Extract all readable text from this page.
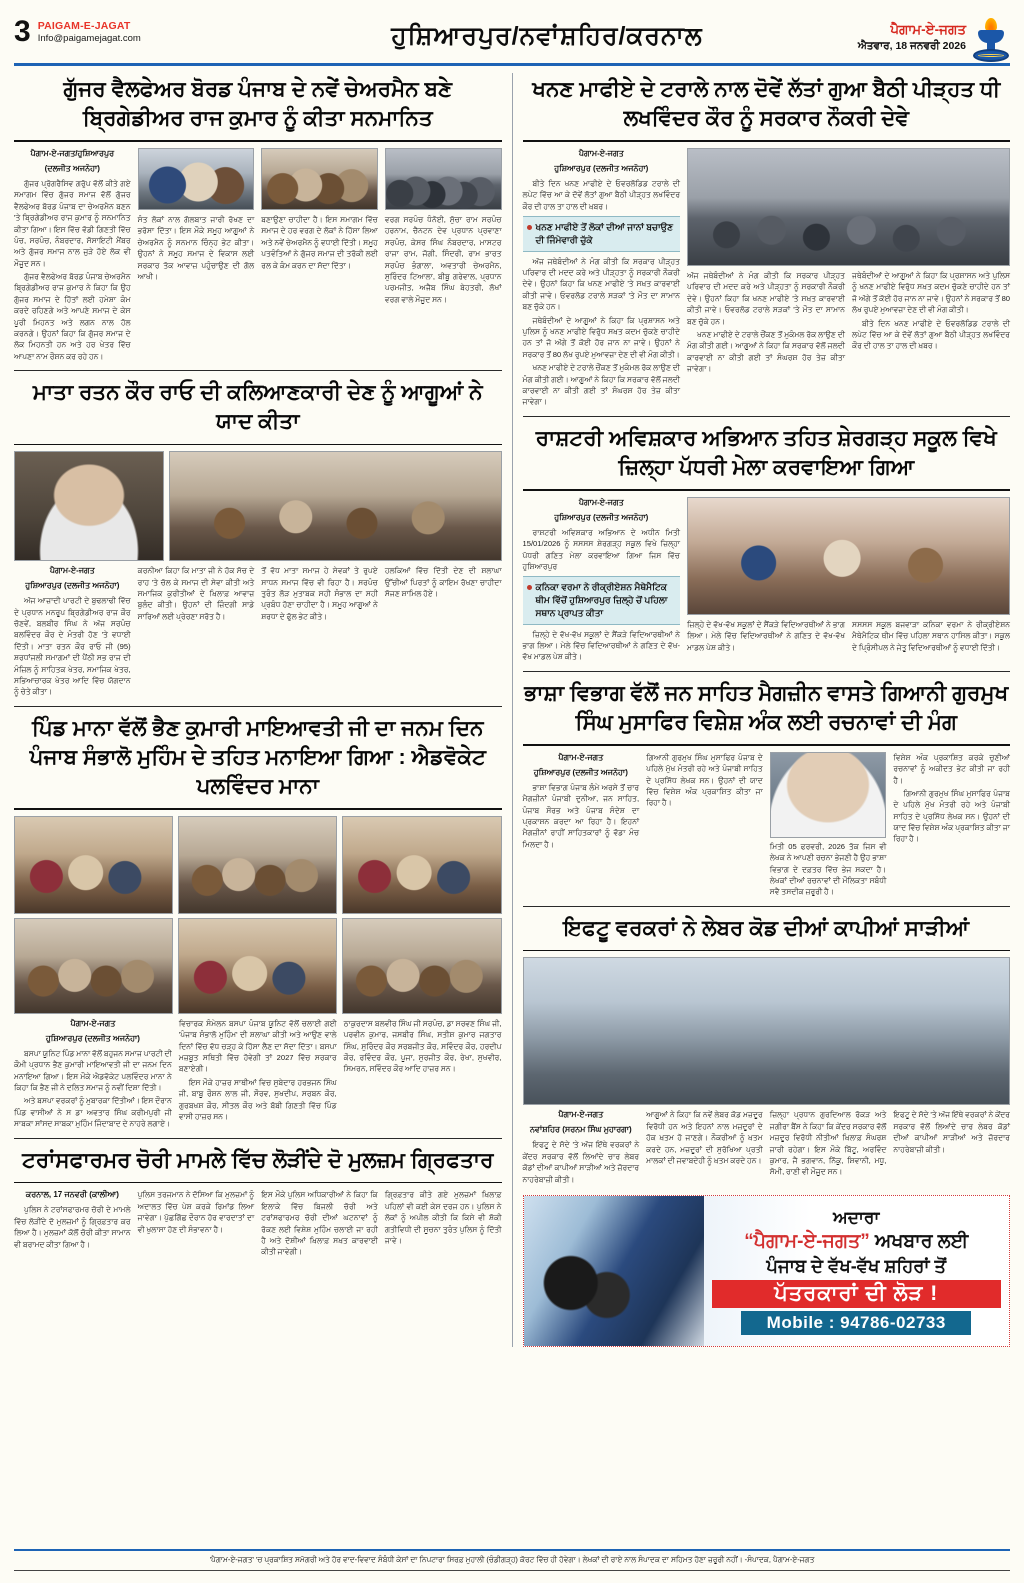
3 PAIGAM-E-JAGAT
Info@paigamejagat.com	ਹੁਸ਼ਿਆਰਪੁਰ/ਨਵਾਂਸ਼ਹਿਰ/ਕਰਨਾਲ	ਪੈਗਾਮ-ਏ-ਜਗਤ
ਐਤਵਾਰ, 18 ਜਨਵਰੀ 2026
ਗੁੱਜਰ ਵੈਲਫੇਅਰ ਬੋਰਡ ਪੰਜਾਬ ਦੇ ਨਵੇਂ ਚੇਅਰਮੈਨ ਬਣੇ ਬ੍ਰਿਗੇਡੀਅਰ ਰਾਜ ਕੁਮਾਰ ਨੂੰ ਕੀਤਾ ਸਨਮਾਨਿਤ
ਪੈਗਾਮ-ਏ-ਜਗਤ/ਹੁਸ਼ਿਆਰਪੁਰ
(ਦਲਜੀਤ ਅਜਨੋਹਾ)

ਗੁੱਜਰ ਪ੍ਰੋਗਰੈਸਿਵ ਗਰੁੱਪ ਵੱਲੋਂ ਕੀਤੇ ਗਏ ਸਮਾਗਮ ਵਿੱਚ ਗੁੱਜਰ ਸਮਾਜ ਵੱਲੋਂ ਗੁੱਜਰ ਵੈਲਫੇਅਰ ਬੋਰਡ ਪੰਜਾਬ ਦਾ ਚੇਅਰਮੈਨ ਬਣਨ 'ਤੇ ਬ੍ਰਿਗੇਡੀਅਰ ਰਾਜ ਕੁਮਾਰ ਨੂੰ ਸਨਮਾਨਿਤ ਕੀਤਾ ਗਿਆ। ਇਸ ਵਿੱਚ ਵੱਡੀ ਗਿਣਤੀ ਵਿੱਚ ਪੰਚ, ਸਰਪੰਚ, ਨੰਬਰਦਾਰ, ਸੋਸਾਇਟੀ ਮੈਂਬਰ ਅਤੇ ਗੁੱਜਰ ਸਮਾਜ ਨਾਲ ਜੁੜੇ ਹੋਏ ਲੋਕ ਵੀ ਮੌਜੂਦ ਸਨ।

ਗੁੱਜਰ ਵੈਲਫੇਅਰ ਬੋਰਡ ਪੰਜਾਬ ਚੇਅਰਮੈਨ ਬ੍ਰਿਗੇਡੀਅਰ ਰਾਜ ਕੁਮਾਰ ਨੇ ਕਿਹਾ ਕਿ ਉਹ ਗੁੱਜਰ ਸਮਾਜ ਦੇ ਹਿੱਤਾਂ ਲਈ ਹਮੇਸ਼ਾ ਕੰਮ ਕਰਦੇ ਰਹਿਣਗੇ ਅਤੇ ਆਪਣੇ ਸਮਾਜ ਦੇ ਕੇਸ ਪੂਰੀ ਮਿਹਨਤ ਅਤੇ ਲਗਨ ਨਾਲ ਹੱਲ ਕਰਨਗੇ। ਉਹਨਾਂ ਕਿਹਾ ਕਿ ਗੁੱਜਰ ਸਮਾਜ ਦੇ ਲੋਕ ਮਿਹਨਤੀ ਹਨ ਅਤੇ ਹਰ ਖੇਤਰ ਵਿੱਚ ਆਪਣਾ ਨਾਮ ਰੌਸ਼ਨ ਕਰ ਰਹੇ ਹਨ।

ਸੰਤ ਲੋਕਾਂ ਨਾਲ ਗੱਲਬਾਤ ਜਾਰੀ ਰੱਖਣ ਦਾ ਭਰੋਸਾ ਦਿੱਤਾ। ਇਸ ਮੌਕੇ ਸਮੂਹ ਆਗੂਆਂ ਨੇ ਚੇਅਰਮੈਨ ਨੂੰ ਸਨਮਾਨ ਚਿੰਨ੍ਹ ਭੇਟ ਕੀਤਾ। ਉਹਨਾਂ ਨੇ ਸਮੂਹ ਸਮਾਜ ਦੇ ਵਿਕਾਸ ਲਈ ਸਰਕਾਰ ਤੱਕ ਆਵਾਜ਼ ਪਹੁੰਚਾਉਣ ਦੀ ਗੱਲ ਆਖੀ।

ਬਣਾਉਣਾ ਚਾਹੀਦਾ ਹੈ। ਇਸ ਸਮਾਗਮ ਵਿੱਚ ਸਮਾਜ ਦੇ ਹਰ ਵਰਗ ਦੇ ਲੋਕਾਂ ਨੇ ਹਿੱਸਾ ਲਿਆ ਅਤੇ ਨਵੇਂ ਚੇਅਰਮੈਨ ਨੂੰ ਵਧਾਈ ਦਿੱਤੀ। ਸਮੂਹ ਪਤਵੰਤਿਆਂ ਨੇ ਗੁੱਜਰ ਸਮਾਜ ਦੀ ਤਰੱਕੀ ਲਈ ਰਲ ਕੇ ਕੰਮ ਕਰਨ ਦਾ ਸੱਦਾ ਦਿੱਤਾ।

ਵਰਗ ਸਰਪੰਚ ਧੰਨੋਈ, ਸੁੱਚਾ ਰਾਮ ਸਰਪੰਚ ਹਰਨਾਮ, ਚੈਨਟਨ ਦੇਵ ਪ੍ਰਧਾਨ ਪ੍ਰਵਾਣਾ ਸਰਪੰਚ, ਕੇਸਰ ਸਿੰਘ ਨੰਬਰਦਾਰ, ਮਾਸਟਰ ਰਾਜਾ ਰਾਮ, ਜੋਗੀ, ਸਿੰਦਰੀ, ਰਾਮ ਭਾਰਤ ਸਰਪੰਚ ਭੰਗਾਲਾ, ਅਵਤਾਰੀ ਚੇਅਰਮੈਨ, ਸੁਰਿੰਦਰ ਟਿਆਲਾ, ਬੀਬੂ ਗਰੇਵਾਲ, ਪ੍ਰਧਾਨ ਪਰਮਜੀਤ, ਅਜੈਬ ਸਿੰਘ ਬੇਹਤਰੀ, ਲੱਖਾਂ ਵਰਗ ਵਾਲੇ ਮੌਜੂਦ ਸਨ।

ਮਾਤਾ ਰਤਨ ਕੌਰ ਰਾਓ ਦੀ ਕਲਿਆਣਕਾਰੀ ਦੇਣ ਨੂੰ ਆਗੂਆਂ ਨੇ ਯਾਦ ਕੀਤਾ
ਪੈਗਾਮ-ਏ-ਜਗਤ
ਹੁਸ਼ਿਆਰਪੁਰ (ਦਲਜੀਤ ਅਜਨੋਹਾ)

ਅੱਜ ਆਜ਼ਾਦੀ ਪਾਰਟੀ ਦੇ ਬੁਢਲਾਢੀ ਵਿੱਚ ਦੇ ਪ੍ਰਧਾਨ ਮਨਰੂਪ ਬ੍ਰਿਗੇਡੀਅਰ ਰਾਜ ਕੌਰ ਚੋਣਵੇਂ, ਬਲਬੀਰ ਸਿੰਘ ਨੇ ਅੱਜ ਸਰਪੰਚ ਬਲਵਿੰਦਰ ਕੌਰ ਦੇ ਮੰਤਰੀ ਹੋਣ 'ਤੇ ਵਧਾਈ ਦਿੱਤੀ। ਮਾਤਾ ਰਤਨ ਕੌਰ ਰਾਓ ਜੀ (95) ਸ਼ਰਧਾਂਜਲੀ ਸਮਾਗਮਾਂ ਦੀ ਪੈਂਠੀ ਸਭ ਰਾਜ ਦੀ ਮੰਜ਼ਿਲ ਨੂੰ ਸਾਹਿਤਕ ਖੇਤਰ, ਸਮਾਜਿਕ ਖੇਤਰ, ਸਭਿਆਚਾਰਕ ਖੇਤਰ ਆਦਿ ਵਿੱਚ ਯੋਗਦਾਨ ਨੂੰ ਚੇਤੇ ਕੀਤਾ।

ਕਰਨੀਆ ਕਿਹਾ ਕਿ ਮਾਤਾ ਜੀ ਨੇ ਹੱਕ ਸੱਚ ਦੇ ਰਾਹ 'ਤੇ ਚੱਲ ਕੇ ਸਮਾਜ ਦੀ ਸੇਵਾ ਕੀਤੀ ਅਤੇ ਸਮਾਜਿਕ ਕੁਰੀਤੀਆਂ ਦੇ ਖ਼ਿਲਾਫ਼ ਆਵਾਜ਼ ਬੁਲੰਦ ਕੀਤੀ। ਉਹਨਾਂ ਦੀ ਜ਼ਿੰਦਗੀ ਸਾਡੇ ਸਾਰਿਆਂ ਲਈ ਪ੍ਰੇਰਣਾ ਸਰੋਤ ਹੈ।

ਤੋਂ ਵੱਧ ਮਾਤਾ ਸਮਾਜ ਹੇ ਸੇਵਕਾਂ ਤੇ ਰੁਪਏ ਸਾਧਨ ਸਮਾਜ ਵਿੱਚ ਵੀ ਰਿਹਾ ਹੈ। ਸਰਪੰਚ ਤੁਰੰਤ ਲੋੜ ਮੁਤਾਬਕ ਸਹੀ ਸੰਭਾਲ ਦਾ ਸਹੀ ਪ੍ਰਬੰਧ ਹੋਣਾ ਚਾਹੀਦਾ ਹੈ। ਸਮੂਹ ਆਗੂਆਂ ਨੇ ਸ਼ਰਧਾ ਦੇ ਫੁੱਲ ਭੇਟ ਕੀਤੇ।

ਹਲਕਿਆਂ ਵਿੱਚ ਦਿੱਤੀ ਦੇਣ ਦੀ ਸ਼ਲਾਘਾ ਉੱਚੀਆਂ ਪਿਰਤਾਂ ਨੂੰ ਕਾਇਮ ਰੱਖਣਾ ਚਾਹੀਦਾ ਸੱਜਣ ਸ਼ਾਮਿਲ ਹੋਏ।

ਪਿੰਡ ਮਾਨਾ ਵੱਲੋਂ ਭੈਣ ਕੁਮਾਰੀ ਮਾਇਆਵਤੀ ਜੀ ਦਾ ਜਨਮ ਦਿਨ ਪੰਜਾਬ ਸੰਭਾਲੋ ਮੁਹਿੰਮ ਦੇ ਤਹਿਤ ਮਨਾਇਆ ਗਿਆ : ਐਡਵੋਕੇਟ ਪਲਵਿੰਦਰ ਮਾਨਾ
ਪੈਗਾਮ-ਏ-ਜਗਤ
ਹੁਸ਼ਿਆਰਪੁਰ (ਦਲਜੀਤ ਅਜਨੋਹਾ)

ਬਸਪਾ ਯੂਨਿਟ ਪਿੰਡ ਮਾਨਾ ਵੱਲੋਂ ਬਹੁਜਨ ਸਮਾਜ ਪਾਰਟੀ ਦੀ ਕੌਮੀ ਪ੍ਰਧਾਨ ਭੈਣ ਕੁਮਾਰੀ ਮਾਇਆਵਤੀ ਜੀ ਦਾ ਜਨਮ ਦਿਨ ਮਨਾਇਆ ਗਿਆ। ਇਸ ਮੌਕੇ ਐਡਵੋਕੇਟ ਪਲਵਿੰਦਰ ਮਾਨਾ ਨੇ ਕਿਹਾ ਕਿ ਭੈਣ ਜੀ ਨੇ ਦਲਿਤ ਸਮਾਜ ਨੂੰ ਨਵੀਂ ਦਿਸ਼ਾ ਦਿੱਤੀ।

ਅਤੇ ਬਸਪਾ ਵਰਕਰਾਂ ਨੂੰ ਮੁਬਾਰਕਾ ਦਿੱਤੀਆਂ। ਇਸ ਦੌਰਾਨ ਪਿੰਡ ਵਾਸੀਆਂ ਨੇ ਸ ਡਾ ਅਵਤਾਰ ਸਿੰਘ ਕਰੀਮਪੁਰੀ ਜੀ ਸਾਬਕਾ ਸਾਂਸਦ ਸਾਬਕਾ ਮੁਹਿੰਮ ਜਿੰਦਾਬਾਦ ਦੇ ਨਾਹਰੇ ਲਗਾਏ।

ਵਿਚਾਰਕ ਸੰਮੇਲਨ ਬਸਪਾ ਪੰਜਾਬ ਯੂਨਿਟ ਵੱਲੋਂ ਚਲਾਈ ਗਈ 'ਪੰਜਾਬ ਸੰਭਾਲੋ ਮੁਹਿੰਮ' ਦੀ ਸ਼ਲਾਘਾ ਕੀਤੀ ਅਤੇ ਆਉਣ ਵਾਲੇ ਦਿਨਾਂ ਵਿੱਚ ਵੱਧ ਚੜ੍ਹ ਕੇ ਹਿੱਸਾ ਲੈਣ ਦਾ ਸੱਦਾ ਦਿੱਤਾ। ਬਸਪਾ ਮਜ਼ਬੂਤ ਸਥਿਤੀ ਵਿੱਚ ਹੋਵੇਗੀ ਤਾਂ 2027 ਵਿੱਚ ਸਰਕਾਰ ਬਣਾਏਗੀ।

ਇਸ ਮੌਕੇ ਹਾਜ਼ਰ ਸਾਥੀਆਂ ਵਿਚ ਸੁਬੇਦਾਰ ਹਰਭਜਨ ਸਿੰਘ ਜੀ, ਬਾਬੂ ਰੌਸ਼ਨ ਲਾਲ ਜੀ, ਸੌਰਵ, ਸੁਖਦੀਪ, ਸਰਬਨ ਕੌਰ, ਗੁਰਬਖਸ਼ ਕੌਰ, ਸੀਤਲ ਕੌਰ ਅਤੇ ਬੱਬੀ ਗਿਣਤੀ ਵਿੱਚ ਪਿੰਡ ਵਾਸੀ ਹਾਜ਼ਰ ਸਨ।

ਠਾਕੁਰਦਾਸ ਬਲਵੀਰ ਸਿੰਘ ਜੀ ਸਰਪੰਚ, ਡਾ ਸਰਵਣ ਸਿੰਘ ਜੀ, ਪਰਵੀਨ ਕੁਮਾਰ, ਜਸਬੀਰ ਸਿੰਘ, ਸਤੀਸ਼ ਕੁਮਾਰ ਜਗਤਾਰ ਸਿੰਘ, ਸੁਰਿੰਦਰ ਕੌਰ ਸਰਬਜੀਤ ਕੌਰ, ਸਵਿੰਦਰ ਕੌਰ, ਹਰਦੀਪ ਕੌਰ, ਰਵਿੰਦਰ ਕੌਰ, ਪੂਜਾ, ਸੁਰਜੀਤ ਕੌਰ, ਰੇਖਾ, ਸੁਖਵੀਰ, ਸਿਮਰਨ, ਸਵਿੰਦਰ ਕੌਰ ਆਦਿ ਹਾਜ਼ਰ ਸਨ।

ਟਰਾਂਸਫਾਰਮਰ ਚੋਰੀ ਮਾਮਲੇ ਵਿੱਚ ਲੋੜੀਂਦੇ ਦੋ ਮੁਲਜ਼ਮ ਗ੍ਰਿਫਤਾਰ
ਕਰਨਾਲ, 17 ਜਨਵਰੀ (ਕਾਲੀਆ)

ਪੁਲਿਸ ਨੇ ਟਰਾਂਸਫਾਰਮਰ ਚੋਰੀ ਦੇ ਮਾਮਲੇ ਵਿੱਚ ਲੋੜੀਂਦੇ ਦੋ ਮੁਲਜ਼ਮਾਂ ਨੂੰ ਗ੍ਰਿਫ਼ਤਾਰ ਕਰ ਲਿਆ ਹੈ। ਮੁਲਜ਼ਮਾਂ ਕੋਲੋਂ ਚੋਰੀ ਕੀਤਾ ਸਾਮਾਨ ਵੀ ਬਰਾਮਦ ਕੀਤਾ ਗਿਆ ਹੈ।

ਪੁਲਿਸ ਤਰਜਮਾਨ ਨੇ ਦੱਸਿਆ ਕਿ ਮੁਲਜ਼ਮਾਂ ਨੂੰ ਅਦਾਲਤ ਵਿੱਚ ਪੇਸ਼ ਕਰਕੇ ਰਿਮਾਂਡ ਲਿਆ ਜਾਵੇਗਾ। ਪੁੱਛਗਿੱਛ ਦੌਰਾਨ ਹੋਰ ਵਾਰਦਾਤਾਂ ਦਾ ਵੀ ਖੁਲਾਸਾ ਹੋਣ ਦੀ ਸੰਭਾਵਨਾ ਹੈ।

ਇਸ ਮੌਕੇ ਪੁਲਿਸ ਅਧਿਕਾਰੀਆਂ ਨੇ ਕਿਹਾ ਕਿ ਇਲਾਕੇ ਵਿੱਚ ਬਿਜਲੀ ਚੋਰੀ ਅਤੇ ਟਰਾਂਸਫਾਰਮਰ ਚੋਰੀ ਦੀਆਂ ਘਟਨਾਵਾਂ ਨੂੰ ਰੋਕਣ ਲਈ ਵਿਸ਼ੇਸ਼ ਮੁਹਿੰਮ ਚਲਾਈ ਜਾ ਰਹੀ ਹੈ ਅਤੇ ਦੋਸ਼ੀਆਂ ਖ਼ਿਲਾਫ਼ ਸਖ਼ਤ ਕਾਰਵਾਈ ਕੀਤੀ ਜਾਵੇਗੀ।

ਗ੍ਰਿਫ਼ਤਾਰ ਕੀਤੇ ਗਏ ਮੁਲਜ਼ਮਾਂ ਖ਼ਿਲਾਫ਼ ਪਹਿਲਾਂ ਵੀ ਕਈ ਕੇਸ ਦਰਜ ਹਨ। ਪੁਲਿਸ ਨੇ ਲੋਕਾਂ ਨੂੰ ਅਪੀਲ ਕੀਤੀ ਕਿ ਕਿਸੇ ਵੀ ਸ਼ੱਕੀ ਗਤੀਵਿਧੀ ਦੀ ਸੂਚਨਾ ਤੁਰੰਤ ਪੁਲਿਸ ਨੂੰ ਦਿੱਤੀ ਜਾਵੇ।

ਖਨਣ ਮਾਫੀਏ ਦੇ ਟਰਾਲੇ ਨਾਲ ਦੋਵੇਂ ਲੱਤਾਂ ਗੁਆ ਬੈਠੀ ਪੀੜ੍ਹਤ ਧੀ ਲਖਵਿੰਦਰ ਕੌਰ ਨੂੰ ਸਰਕਾਰ ਨੌਕਰੀ ਦੇਵੇ
ਪੈਗਾਮ-ਏ-ਜਗਤ
ਹੁਸ਼ਿਆਰਪੁਰ (ਦਲਜੀਤ ਅਜਨੋਹਾ)

ਬੀਤੇ ਦਿਨ ਖਨਣ ਮਾਫੀਏ ਦੇ ਓਵਰਲੋਡਿਡ ਟਰਾਲੇ ਦੀ ਲਪੇਟ ਵਿੱਚ ਆ ਕੇ ਦੋਵੇਂ ਲੱਤਾਂ ਗੁਆ ਬੈਠੀ ਪੀੜ੍ਹਤ ਲਖਵਿੰਦਰ ਕੌਰ ਦੀ ਹਾਲ ਤਾ ਹਾਲ ਦੀ ਖ਼ਬਰ।

ਖਨਣ ਮਾਫੀਏ ਤੋਂ ਲੋਕਾਂ ਦੀਆਂ ਜਾਨਾਂ ਬਚਾਉਣ ਦੀ ਜਿੰਮੇਵਾਰੀ ਚੁੱਕੇ

ਅੱਜ ਜਥੇਬੰਦੀਆਂ ਨੇ ਮੰਗ ਕੀਤੀ ਕਿ ਸਰਕਾਰ ਪੀੜ੍ਹਤ ਪਰਿਵਾਰ ਦੀ ਮਦਦ ਕਰੇ ਅਤੇ ਪੀੜ੍ਹਤਾ ਨੂੰ ਸਰਕਾਰੀ ਨੌਕਰੀ ਦੇਵੇ। ਉਹਨਾਂ ਕਿਹਾ ਕਿ ਖਨਣ ਮਾਫੀਏ 'ਤੇ ਸਖ਼ਤ ਕਾਰਵਾਈ ਕੀਤੀ ਜਾਵੇ। ਓਵਰਲੋਡ ਟਰਾਲੇ ਸੜਕਾਂ 'ਤੇ ਮੌਤ ਦਾ ਸਾਮਾਨ ਬਣ ਚੁੱਕੇ ਹਨ।

ਜਥੇਬੰਦੀਆਂ ਦੇ ਆਗੂਆਂ ਨੇ ਕਿਹਾ ਕਿ ਪ੍ਰਸ਼ਾਸਨ ਅਤੇ ਪੁਲਿਸ ਨੂੰ ਖਨਣ ਮਾਫੀਏ ਵਿਰੁੱਧ ਸਖ਼ਤ ਕਦਮ ਚੁੱਕਣੇ ਚਾਹੀਦੇ ਹਨ ਤਾਂ ਜੋ ਅੱਗੇ ਤੋਂ ਕੋਈ ਹੋਰ ਜਾਨ ਨਾ ਜਾਵੇ। ਉਹਨਾਂ ਨੇ ਸਰਕਾਰ ਤੋਂ 80 ਲੱਖ ਰੁਪਏ ਮੁਆਵਜ਼ਾ ਦੇਣ ਦੀ ਵੀ ਮੰਗ ਕੀਤੀ।

ਖਨਣ ਮਾਫੀਏ ਦੇ ਟਰਾਲੇ ਚੌਂਕਣ ਤੋਂ ਮੁਕੰਮਲ ਰੋਕ ਲਾਉਣ ਦੀ ਮੰਗ ਕੀਤੀ ਗਈ। ਆਗੂਆਂ ਨੇ ਕਿਹਾ ਕਿ ਸਰਕਾਰ ਵੱਲੋਂ ਜਲਦੀ ਕਾਰਵਾਈ ਨਾ ਕੀਤੀ ਗਈ ਤਾਂ ਸੰਘਰਸ਼ ਹੋਰ ਤੇਜ਼ ਕੀਤਾ ਜਾਵੇਗਾ।

ਅੱਜ ਜਥੇਬੰਦੀਆਂ ਨੇ ਮੰਗ ਕੀਤੀ ਕਿ ਸਰਕਾਰ ਪੀੜ੍ਹਤ ਪਰਿਵਾਰ ਦੀ ਮਦਦ ਕਰੇ ਅਤੇ ਪੀੜ੍ਹਤਾ ਨੂੰ ਸਰਕਾਰੀ ਨੌਕਰੀ ਦੇਵੇ। ਉਹਨਾਂ ਕਿਹਾ ਕਿ ਖਨਣ ਮਾਫੀਏ 'ਤੇ ਸਖ਼ਤ ਕਾਰਵਾਈ ਕੀਤੀ ਜਾਵੇ। ਓਵਰਲੋਡ ਟਰਾਲੇ ਸੜਕਾਂ 'ਤੇ ਮੌਤ ਦਾ ਸਾਮਾਨ ਬਣ ਚੁੱਕੇ ਹਨ।

ਖਨਣ ਮਾਫੀਏ ਦੇ ਟਰਾਲੇ ਚੌਂਕਣ ਤੋਂ ਮੁਕੰਮਲ ਰੋਕ ਲਾਉਣ ਦੀ ਮੰਗ ਕੀਤੀ ਗਈ। ਆਗੂਆਂ ਨੇ ਕਿਹਾ ਕਿ ਸਰਕਾਰ ਵੱਲੋਂ ਜਲਦੀ ਕਾਰਵਾਈ ਨਾ ਕੀਤੀ ਗਈ ਤਾਂ ਸੰਘਰਸ਼ ਹੋਰ ਤੇਜ਼ ਕੀਤਾ ਜਾਵੇਗਾ।

ਜਥੇਬੰਦੀਆਂ ਦੇ ਆਗੂਆਂ ਨੇ ਕਿਹਾ ਕਿ ਪ੍ਰਸ਼ਾਸਨ ਅਤੇ ਪੁਲਿਸ ਨੂੰ ਖਨਣ ਮਾਫੀਏ ਵਿਰੁੱਧ ਸਖ਼ਤ ਕਦਮ ਚੁੱਕਣੇ ਚਾਹੀਦੇ ਹਨ ਤਾਂ ਜੋ ਅੱਗੇ ਤੋਂ ਕੋਈ ਹੋਰ ਜਾਨ ਨਾ ਜਾਵੇ। ਉਹਨਾਂ ਨੇ ਸਰਕਾਰ ਤੋਂ 80 ਲੱਖ ਰੁਪਏ ਮੁਆਵਜ਼ਾ ਦੇਣ ਦੀ ਵੀ ਮੰਗ ਕੀਤੀ।

ਬੀਤੇ ਦਿਨ ਖਨਣ ਮਾਫੀਏ ਦੇ ਓਵਰਲੋਡਿਡ ਟਰਾਲੇ ਦੀ ਲਪੇਟ ਵਿੱਚ ਆ ਕੇ ਦੋਵੇਂ ਲੱਤਾਂ ਗੁਆ ਬੈਠੀ ਪੀੜ੍ਹਤ ਲਖਵਿੰਦਰ ਕੌਰ ਦੀ ਹਾਲ ਤਾ ਹਾਲ ਦੀ ਖ਼ਬਰ।

ਰਾਸ਼ਟਰੀ ਅਵਿਸ਼ਕਾਰ ਅਭਿਆਨ ਤਹਿਤ ਸ਼ੇਰਗੜ੍ਹ ਸਕੂਲ ਵਿਖੇ ਜ਼ਿਲ੍ਹਾ ਪੱਧਰੀ ਮੇਲਾ ਕਰਵਾਇਆ ਗਿਆ
ਪੈਗਾਮ-ਏ-ਜਗਤ
ਹੁਸ਼ਿਆਰਪੁਰ (ਦਲਜੀਤ ਅਜਨੋਹਾ)

ਰਾਸ਼ਟਰੀ ਅਵਿਸ਼ਕਾਰ ਅਭਿਆਨ ਦੇ ਅਧੀਨ ਮਿਤੀ 15/01/2026 ਨੂੰ ਸਸਸਸ ਸ਼ੇਰਗੜ੍ਹ ਸਕੂਲ ਵਿਖੇ ਜ਼ਿਲ੍ਹਾ ਪੱਧਰੀ ਗਣਿਤ ਮੇਲਾ ਕਰਵਾਇਆ ਗਿਆ ਜਿਸ ਵਿੱਚ ਹੁਸ਼ਿਆਰਪੁਰ

ਕਨਿਕਾ ਵਰਮਾ ਨੇ ਰੀਕ੍ਰੀਏਸ਼ਨ ਮੈਥੇਮੈਟਿਕ ਥੀਮ ਵਿੱਚੋਂ ਹੁਸ਼ਿਆਰਪੁਰ ਜ਼ਿਲ੍ਹੇ ਚੋਂ ਪਹਿਲਾ ਸਥਾਨ ਪ੍ਰਾਪਤ ਕੀਤਾ

ਜ਼ਿਲ੍ਹੇ ਦੇ ਵੱਖ-ਵੱਖ ਸਕੂਲਾਂ ਦੇ ਸੈਂਕੜੇ ਵਿਦਿਆਰਥੀਆਂ ਨੇ ਭਾਗ ਲਿਆ। ਮੇਲੇ ਵਿੱਚ ਵਿਦਿਆਰਥੀਆਂ ਨੇ ਗਣਿਤ ਦੇ ਵੱਖ-ਵੱਖ ਮਾਡਲ ਪੇਸ਼ ਕੀਤੇ।

ਜ਼ਿਲ੍ਹੇ ਦੇ ਵੱਖ-ਵੱਖ ਸਕੂਲਾਂ ਦੇ ਸੈਂਕੜੇ ਵਿਦਿਆਰਥੀਆਂ ਨੇ ਭਾਗ ਲਿਆ। ਮੇਲੇ ਵਿੱਚ ਵਿਦਿਆਰਥੀਆਂ ਨੇ ਗਣਿਤ ਦੇ ਵੱਖ-ਵੱਖ ਮਾਡਲ ਪੇਸ਼ ਕੀਤੇ।

ਸਸਸਸ ਸਕੂਲ ਬਜਵਾੜਾ ਕਨਿਕਾ ਵਰਮਾ ਨੇ ਰੀਕ੍ਰੀਏਸ਼ਨ ਮੈਥੇਮੈਟਿਕ ਥੀਮ ਵਿੱਚ ਪਹਿਲਾ ਸਥਾਨ ਹਾਸਿਲ ਕੀਤਾ। ਸਕੂਲ ਦੇ ਪ੍ਰਿੰਸੀਪਲ ਨੇ ਜੇਤੂ ਵਿਦਿਆਰਥੀਆਂ ਨੂੰ ਵਧਾਈ ਦਿੱਤੀ।

ਭਾਸ਼ਾ ਵਿਭਾਗ ਵੱਲੋਂ ਜਨ ਸਾਹਿਤ ਮੈਗਜ਼ੀਨ ਵਾਸਤੇ ਗਿਆਨੀ ਗੁਰਮੁਖ ਸਿੰਘ ਮੁਸਾਫਿਰ ਵਿਸ਼ੇਸ਼ ਅੰਕ ਲਈ ਰਚਨਾਵਾਂ ਦੀ ਮੰਗ
ਪੈਗਾਮ-ਏ-ਜਗਤ
ਹੁਸ਼ਿਆਰਪੁਰ (ਦਲਜੀਤ ਅਜਨੋਹਾ)

ਭਾਸ਼ਾ ਵਿਭਾਗ ਪੰਜਾਬ ਲੰਮੇ ਅਰਸੇ ਤੋਂ ਚਾਰ ਮੈਗਜ਼ੀਨਾਂ ਪੰਜਾਬੀ ਦੁਨੀਆ, ਜਨ ਸਾਹਿਤ, ਪੰਜਾਬ ਸੌਰਭ ਅਤੇ ਪੰਜਾਬ ਸੰਦੇਸ਼ ਦਾ ਪ੍ਰਕਾਸ਼ਨ ਕਰਦਾ ਆ ਰਿਹਾ ਹੈ। ਇਹਨਾਂ ਮੈਗਜ਼ੀਨਾਂ ਰਾਹੀਂ ਸਾਹਿਤਕਾਰਾਂ ਨੂੰ ਵੱਡਾ ਮੰਚ ਮਿਲਦਾ ਹੈ।

ਗਿਆਨੀ ਗੁਰਮੁਖ ਸਿੰਘ ਮੁਸਾਫਿਰ ਪੰਜਾਬ ਦੇ ਪਹਿਲੇ ਮੁੱਖ ਮੰਤਰੀ ਰਹੇ ਅਤੇ ਪੰਜਾਬੀ ਸਾਹਿਤ ਦੇ ਪ੍ਰਸਿੱਧ ਲੇਖਕ ਸਨ। ਉਹਨਾਂ ਦੀ ਯਾਦ ਵਿੱਚ ਵਿਸ਼ੇਸ਼ ਅੰਕ ਪ੍ਰਕਾਸ਼ਿਤ ਕੀਤਾ ਜਾ ਰਿਹਾ ਹੈ।

ਮਿਤੀ 05 ਫਰਵਰੀ, 2026 ਤੱਕ ਜਿਸ ਵੀ ਲੇਖਕ ਨੇ ਆਪਣੀ ਰਚਨਾ ਭੇਜਣੀ ਹੈ ਉਹ ਭਾਸ਼ਾ ਵਿਭਾਗ ਦੇ ਦਫ਼ਤਰ ਵਿੱਚ ਭੇਜ ਸਕਦਾ ਹੈ। ਲੇਖਕਾਂ ਦੀਆਂ ਰਚਨਾਵਾਂ ਦੀ ਮੌਲਿਕਤਾ ਸਬੰਧੀ ਸਵੈ ਤਸਦੀਕ ਜ਼ਰੂਰੀ ਹੈ।

ਵਿਸ਼ੇਸ਼ ਅੰਕ ਪ੍ਰਕਾਸ਼ਿਤ ਕਰਕੇ ਚੁਣੀਆਂ ਰਚਨਾਵਾਂ ਨੂੰ ਅਕੀਦਤ ਭੇਟ ਕੀਤੀ ਜਾ ਰਹੀ ਹੈ।

ਗਿਆਨੀ ਗੁਰਮੁਖ ਸਿੰਘ ਮੁਸਾਫਿਰ ਪੰਜਾਬ ਦੇ ਪਹਿਲੇ ਮੁੱਖ ਮੰਤਰੀ ਰਹੇ ਅਤੇ ਪੰਜਾਬੀ ਸਾਹਿਤ ਦੇ ਪ੍ਰਸਿੱਧ ਲੇਖਕ ਸਨ। ਉਹਨਾਂ ਦੀ ਯਾਦ ਵਿੱਚ ਵਿਸ਼ੇਸ਼ ਅੰਕ ਪ੍ਰਕਾਸ਼ਿਤ ਕੀਤਾ ਜਾ ਰਿਹਾ ਹੈ।

ਇਫਟੂ ਵਰਕਰਾਂ ਨੇ ਲੇਬਰ ਕੋਡ ਦੀਆਂ ਕਾਪੀਆਂ ਸਾੜੀਆਂ
ਪੈਗਾਮ-ਏ-ਜਗਤ
ਨਵਾਂਸ਼ਹਿਰ (ਸਰਨਮ ਸਿੰਘ ਮੁਹਾਰਗਾ)

ਇਫਟੂ ਦੇ ਸੱਦੇ 'ਤੇ ਅੱਜ ਇੱਥੇ ਵਰਕਰਾਂ ਨੇ ਕੇਂਦਰ ਸਰਕਾਰ ਵੱਲੋਂ ਲਿਆਂਦੇ ਚਾਰ ਲੇਬਰ ਕੋਡਾਂ ਦੀਆਂ ਕਾਪੀਆਂ ਸਾੜੀਆਂ ਅਤੇ ਜ਼ੋਰਦਾਰ ਨਾਹਰੇਬਾਜ਼ੀ ਕੀਤੀ।

ਆਗੂਆਂ ਨੇ ਕਿਹਾ ਕਿ ਨਵੇਂ ਲੇਬਰ ਕੋਡ ਮਜ਼ਦੂਰ ਵਿਰੋਧੀ ਹਨ ਅਤੇ ਇਹਨਾਂ ਨਾਲ ਮਜ਼ਦੂਰਾਂ ਦੇ ਹੱਕ ਖ਼ਤਮ ਹੋ ਜਾਣਗੇ। ਨੌਕਰੀਆਂ ਨੂੰ ਖ਼ਤਮ ਕਰਦੇ ਹਨ, ਮਜ਼ਦੂਰਾਂ ਦੀ ਸੁਰੱਖਿਆ ਪ੍ਰਤੀ ਮਾਲਕਾਂ ਦੀ ਜਵਾਬਦੇਹੀ ਨੂੰ ਖ਼ਤਮ ਕਰਦੇ ਹਨ।

ਜ਼ਿਲ੍ਹਾ ਪ੍ਰਧਾਨ ਗੁਰਦਿਆਲ ਰੱਕੜ ਅਤੇ ਜਗੀਰਾ ਬੈਂਸ ਨੇ ਕਿਹਾ ਕਿ ਕੇਂਦਰ ਸਰਕਾਰ ਵੱਲੋਂ ਮਜ਼ਦੂਰ ਵਿਰੋਧੀ ਨੀਤੀਆਂ ਖ਼ਿਲਾਫ਼ ਸੰਘਰਸ਼ ਜਾਰੀ ਰਹੇਗਾ। ਇਸ ਮੌਕੇ ਬਿੱਟੂ, ਅਰਵਿੰਦ ਕੁਮਾਰ, ਜੈ ਭਗਵਾਨ, ਨਿੱਕੂ, ਸ਼ਿਵਾਨੀ, ਮਧੂ, ਸੋਮੀ, ਰਾਣੀ ਵੀ ਮੌਜੂਦ ਸਨ।

ਇਫਟੂ ਦੇ ਸੱਦੇ 'ਤੇ ਅੱਜ ਇੱਥੇ ਵਰਕਰਾਂ ਨੇ ਕੇਂਦਰ ਸਰਕਾਰ ਵੱਲੋਂ ਲਿਆਂਦੇ ਚਾਰ ਲੇਬਰ ਕੋਡਾਂ ਦੀਆਂ ਕਾਪੀਆਂ ਸਾੜੀਆਂ ਅਤੇ ਜ਼ੋਰਦਾਰ ਨਾਹਰੇਬਾਜ਼ੀ ਕੀਤੀ।

ਅਦਾਰਾ
“ਪੈਗਾਮ-ਏ-ਜਗਤ” ਅਖਬਾਰ ਲਈ
ਪੰਜਾਬ ਦੇ ਵੱਖ-ਵੱਖ ਸ਼ਹਿਰਾਂ ਤੋਂ
ਪੱਤਰਕਾਰਾਂ ਦੀ ਲੋੜ !
Mobile : 94786-02733
'ਪੈਗਾਮ-ਏ-ਜਗਤ' 'ਚ ਪ੍ਰਕਾਸ਼ਿਤ ਸਮੱਗਰੀ ਅਤੇ ਹੋਰ ਵਾਦ-ਵਿਵਾਦ ਸੰਬੰਧੀ ਕੇਸਾਂ ਦਾ ਨਿਪਟਾਰਾ ਸਿਰਫ਼ ਮੁਹਾਲੀ (ਚੰਡੀਗੜ੍ਹ) ਕੋਰਟ ਵਿੱਚ ਹੀ ਹੋਵੇਗਾ। ਲੇਖਕਾਂ ਦੀ ਰਾਏ ਨਾਲ ਸੰਪਾਦਕ ਦਾ ਸਹਿਮਤ ਹੋਣਾ ਜ਼ਰੂਰੀ ਨਹੀਂ। -ਸੰਪਾਦਕ, ਪੈਗਾਮ-ਏ-ਜਗਤ
